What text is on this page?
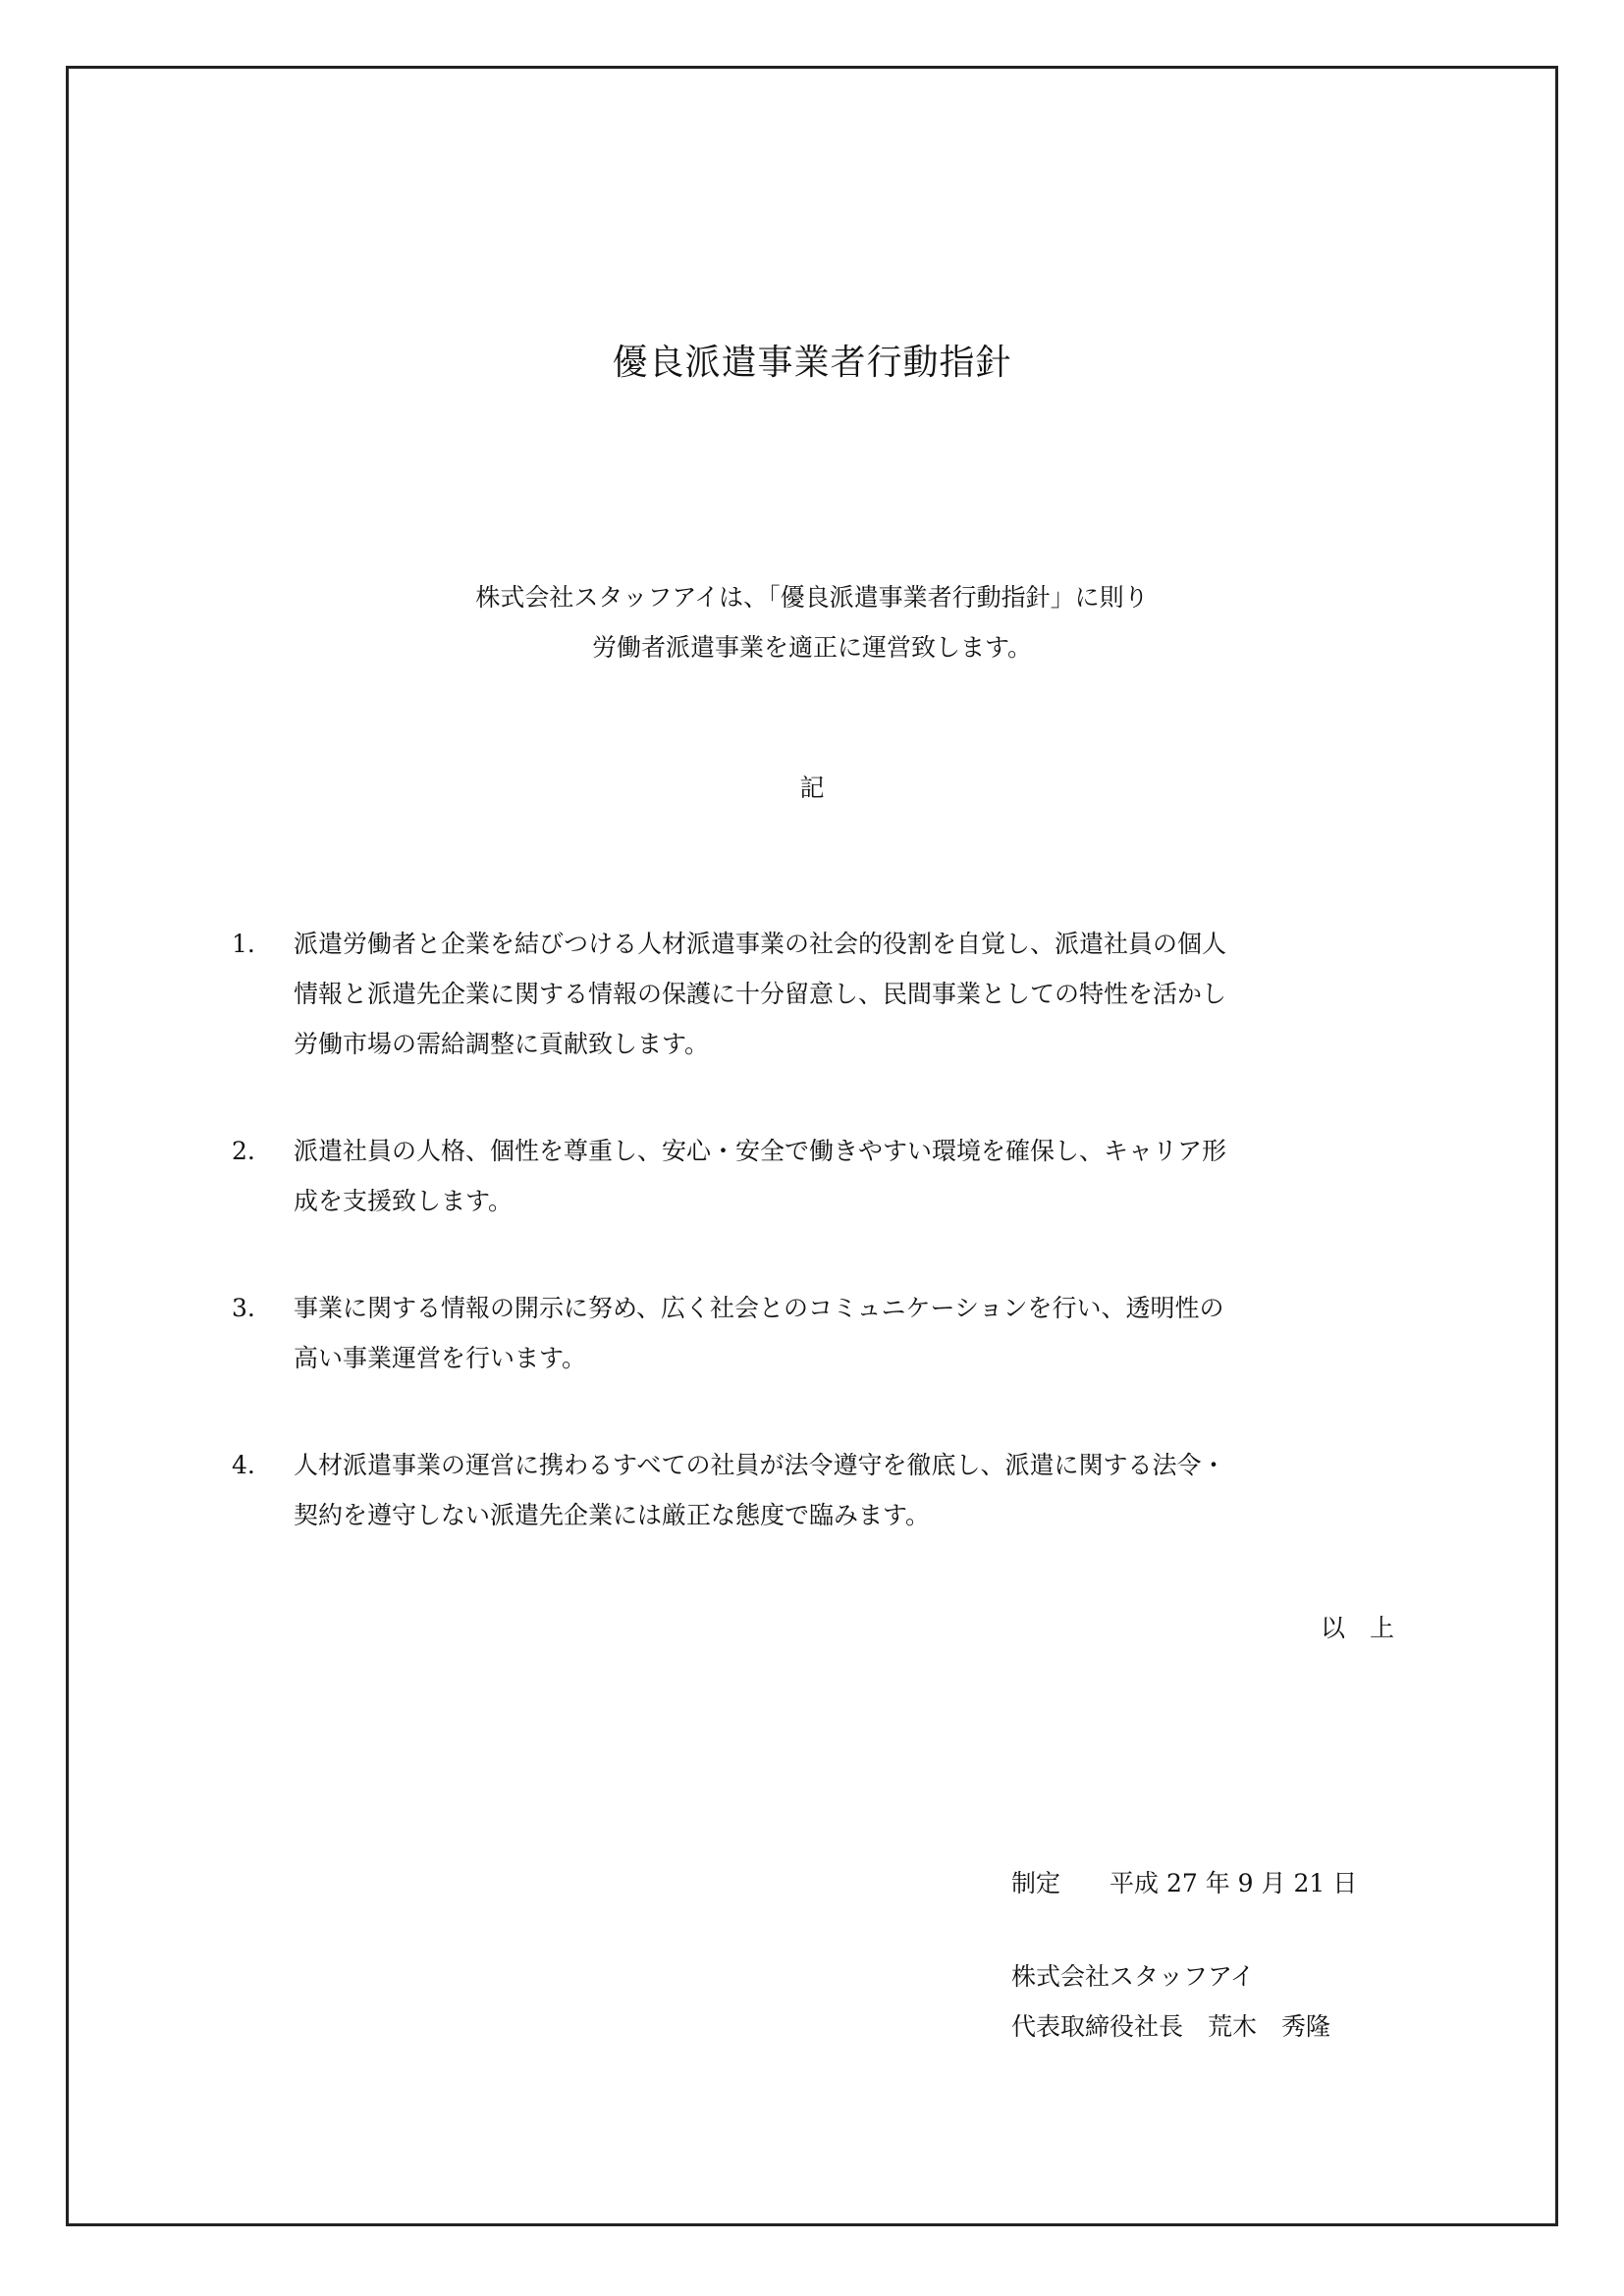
優良派遣事業者行動指針
株式会社スタッフアイは、「優良派遣事業者行動指針」に則り
労働者派遣事業を適正に運営致します。
記
1.	派遣労働者と企業を結びつける人材派遣事業の社会的役割を自覚し、派遣社員の個人
情報と派遣先企業に関する情報の保護に十分留意し、民間事業としての特性を活かし
労働市場の需給調整に貢献致します。
2.	派遣社員の人格、個性を尊重し、安心・安全で働きやすい環境を確保し、キャリア形
成を支援致します。
3.	事業に関する情報の開示に努め、広く社会とのコミュニケーションを行い、透明性の
高い事業運営を行います。
4.	人材派遣事業の運営に携わるすべての社員が法令遵守を徹底し、派遣に関する法令・
契約を遵守しない派遣先企業には厳正な態度で臨みます。
以　上
制定　　平成 27 年 9 月 21 日
株式会社スタッフアイ
代表取締役社長　荒木　秀隆
